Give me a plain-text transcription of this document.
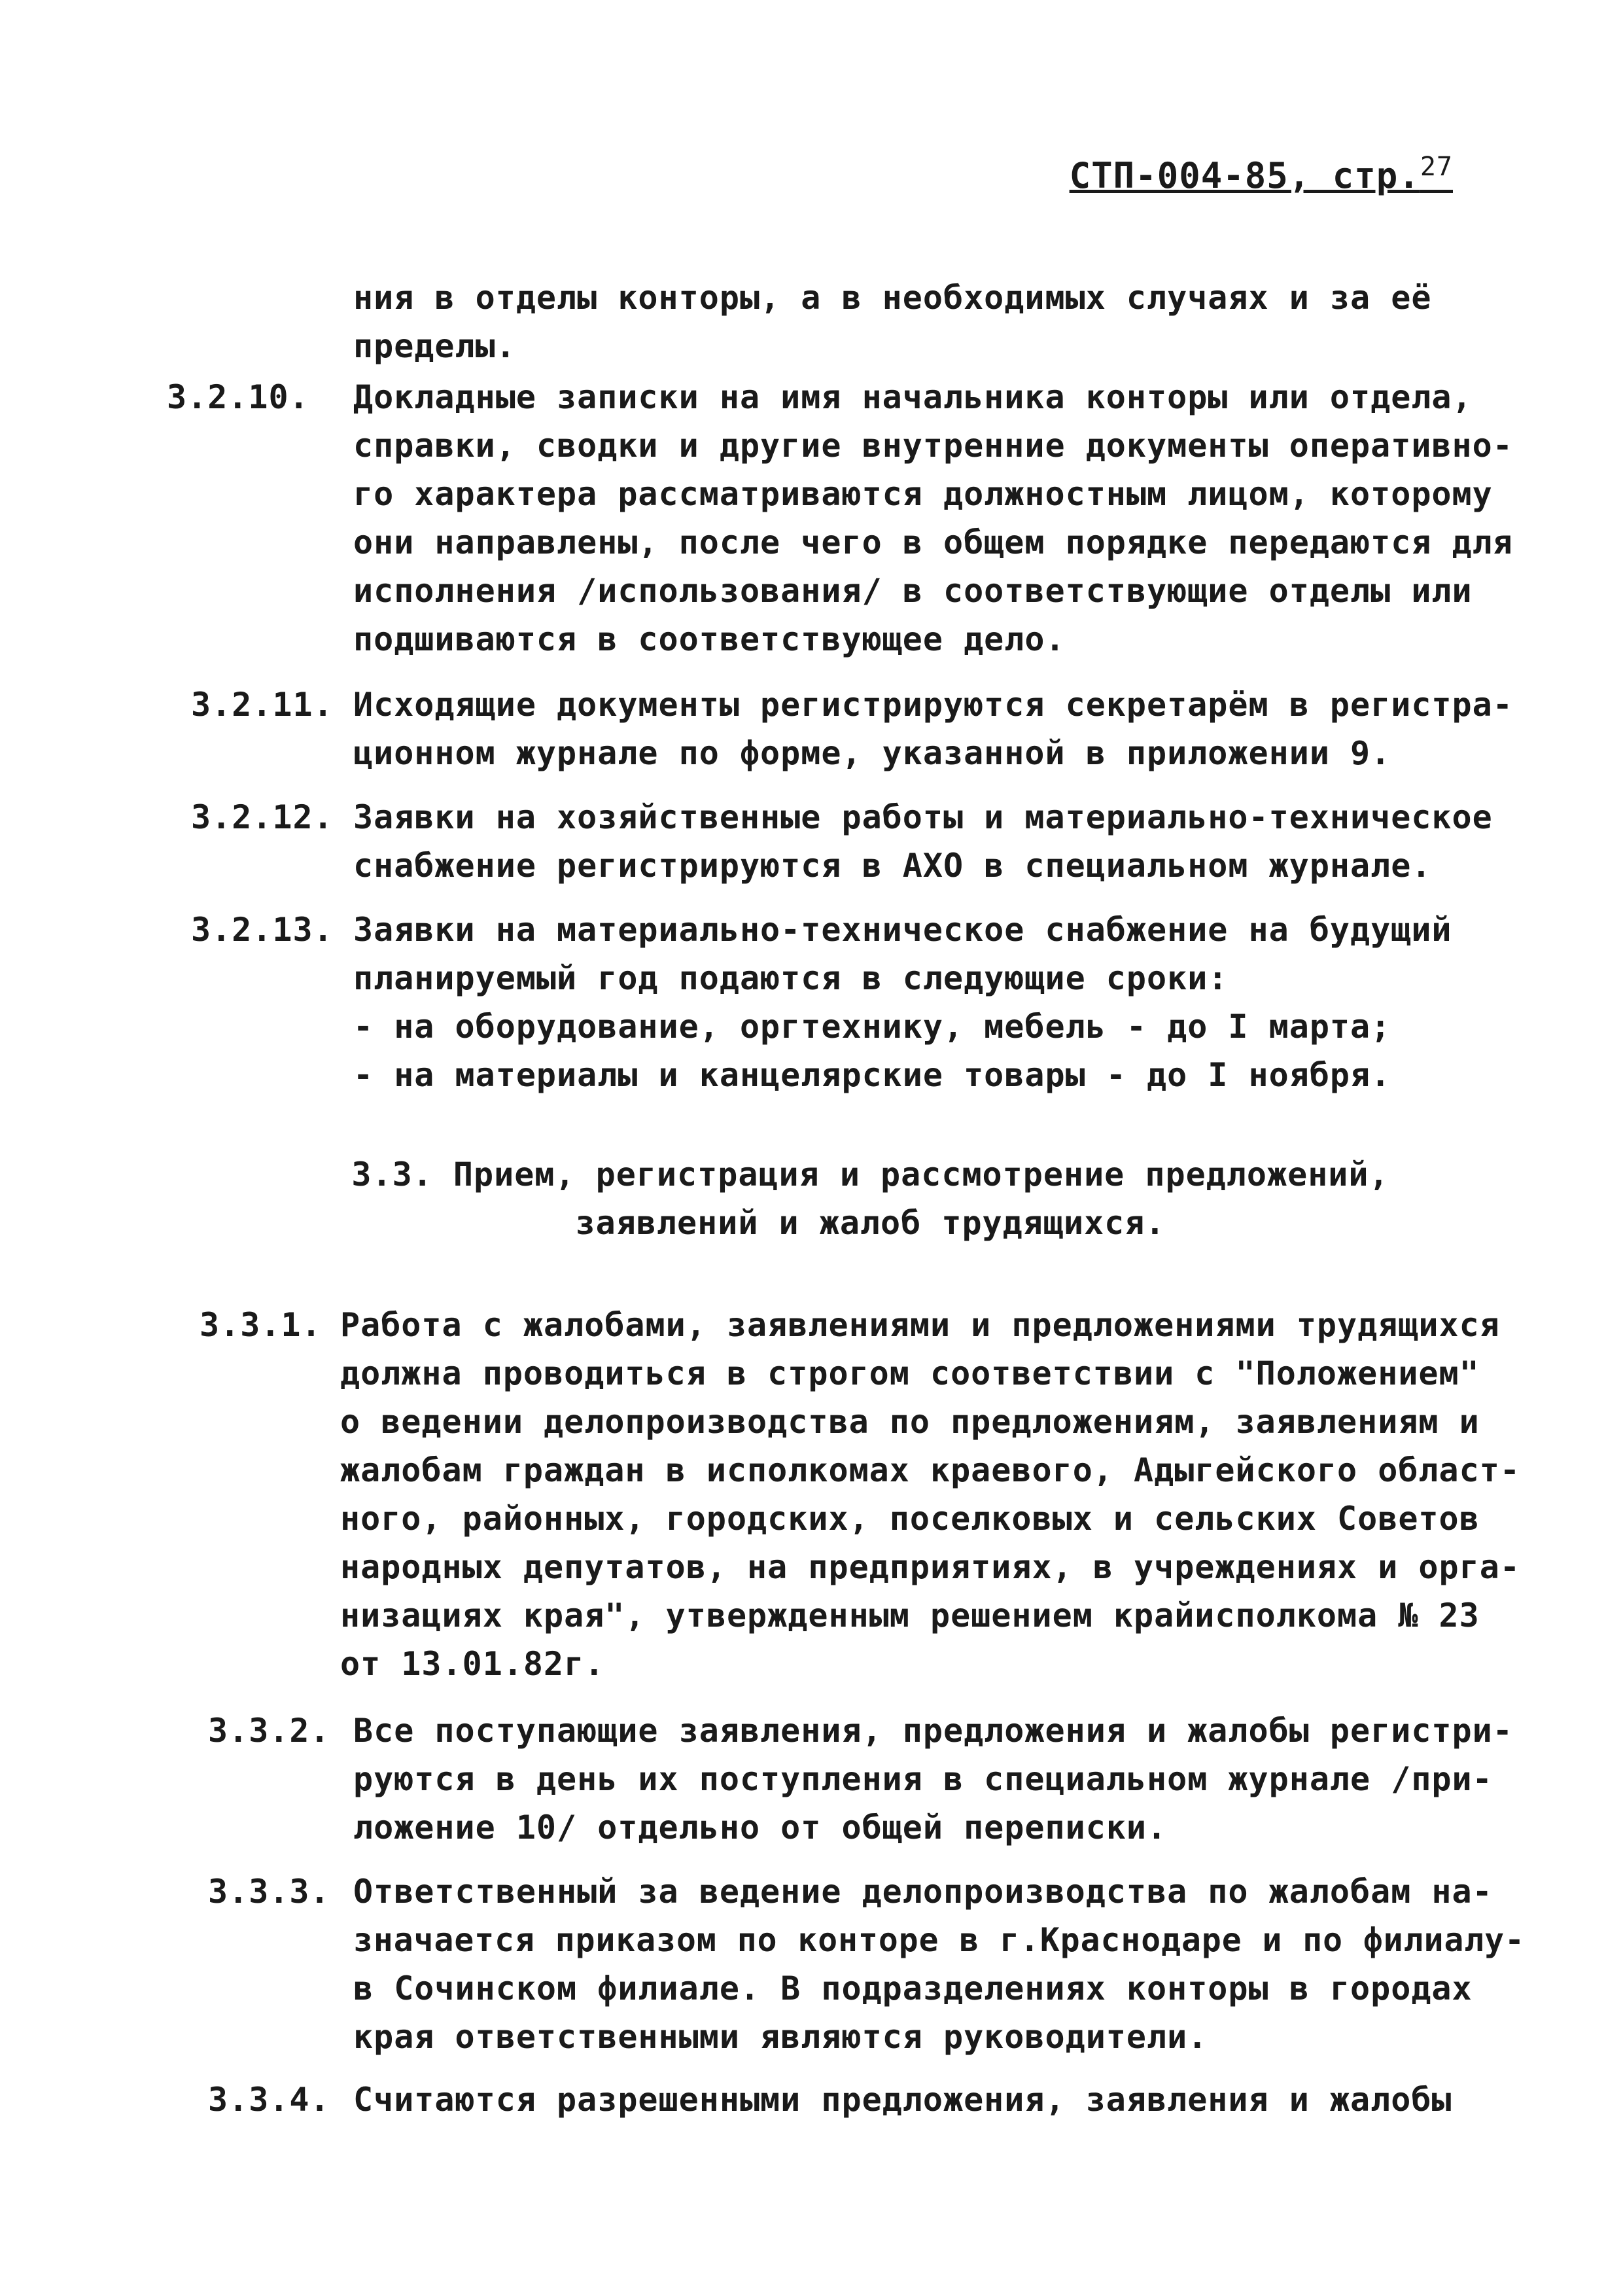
СТП-004-85, стр.$^{27}$
ния в отделы конторы, а в необходимых случаях и за её
пределы.
3.2.10. Докладные записки на имя начальника конторы или отдела,
справки, сводки и другие внутренние документы оперативно-
го характера рассматриваются должностным лицом, которому
они направлены, после чего в общем порядке передаются для
исполнения /использования/ в соответствующие отделы или
подшиваются в соответствующее дело.
3.2.11. Исходящие документы регистрируются секретарём в регистра-
ционном журнале по форме, указанной в приложении 9.
3.2.12. Заявки на хозяйственные работы и материально-техническое
снабжение регистрируются в АХО в специальном журнале.
3.2.13. Заявки на материально-техническое снабжение на будущий
планируемый год подаются в следующие сроки:
- на оборудование, оргтехнику, мебель - до I марта;
- на материалы и канцелярские товары - до I ноября.
3.3. Прием, регистрация и рассмотрение предложений,
заявлений и жалоб трудящихся.
3.3.1. Работа с жалобами, заявлениями и предложениями трудящихся
должна проводиться в строгом соответствии с "Положением"
о ведении делопроизводства по предложениям, заявлениям и
жалобам граждан в исполкомах краевого, Адыгейского област-
ного, районных, городских, поселковых и сельских Советов
народных депутатов, на предприятиях, в учреждениях и орга-
низациях края", утвержденным решением крайисполкома № 23
от 13.01.82г.
3.3.2. Все поступающие заявления, предложения и жалобы регистри-
руются в день их поступления в специальном журнале /при-
ложение 10/ отдельно от общей переписки.
3.3.3. Ответственный за ведение делопроизводства по жалобам на-
значается приказом по конторе в г.Краснодаре и по филиалу-
в Сочинском филиале. В подразделениях конторы в городах
края ответственными являются руководители.
3.3.4. Считаются разрешенными предложения, заявления и жалобы
